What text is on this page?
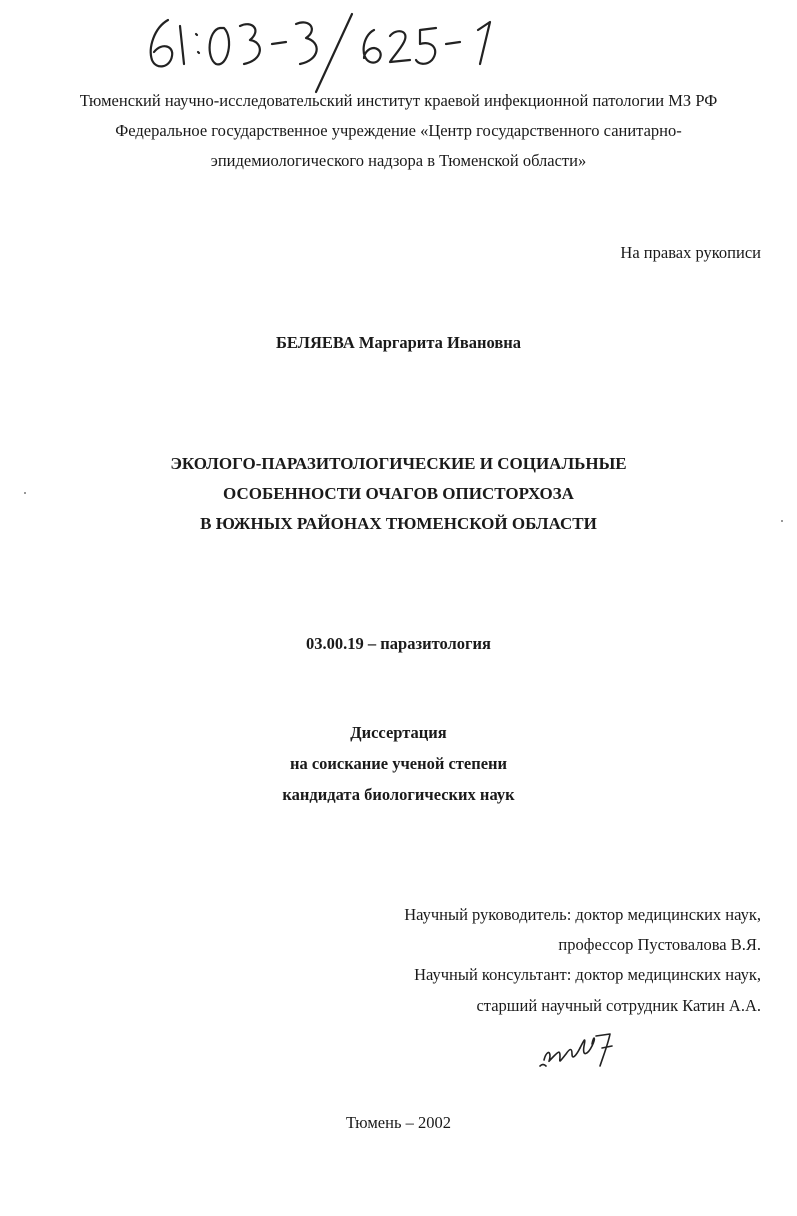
Тюменский научно-исследовательский институт краевой инфекционной патологии МЗ РФ
Федеральное государственное учреждение «Центр государственного санитарно-
эпидемиологического надзора в Тюменской области»
На правах рукописи
БЕЛЯЕВА Маргарита Ивановна
ЭКОЛОГО-ПАРАЗИТОЛОГИЧЕСКИЕ И СОЦИАЛЬНЫЕ
ОСОБЕННОСТИ ОЧАГОВ ОПИСТОРХОЗА
В ЮЖНЫХ РАЙОНАХ ТЮМЕНСКОЙ ОБЛАСТИ
03.00.19 – паразитология
Диссертация
на соискание ученой степени
кандидата биологических наук
Научный руководитель: доктор медицинских наук,
профессор Пустовалова В.Я.
Научный консультант: доктор медицинских наук,
старший научный сотрудник Катин А.А.
Тюмень – 2002
